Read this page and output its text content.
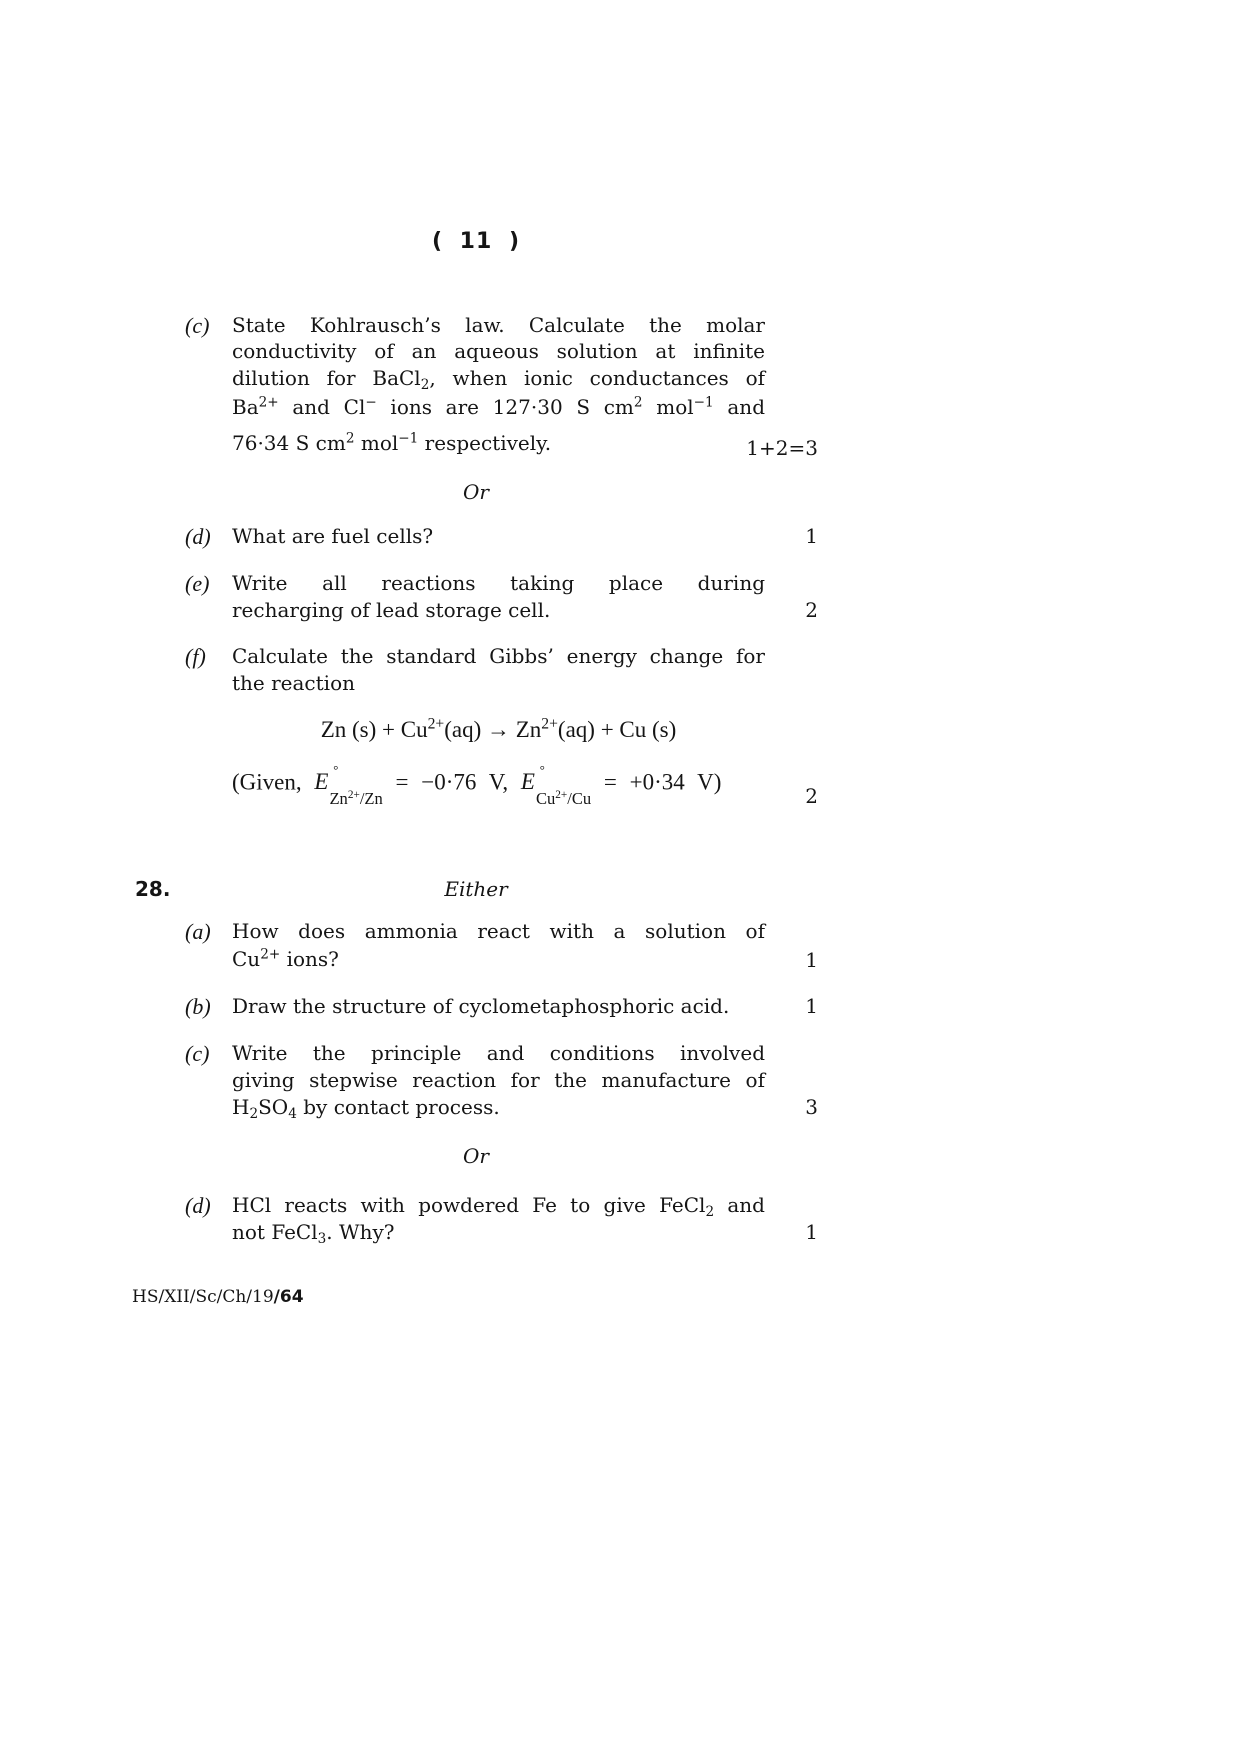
( 11 )
(c) State Kohlrausch’s law. Calculate the molar
conductivity of an aqueous solution at infinite
dilution for BaCl$_2$, when ionic conductances of
$Ba^{2+}$ and Cl− ions are 127·30 S $cm^2$ mol$^{-1}$ and
76·34 S $cm^2$ mol$^{-1}$ respectively.	1+2=3
Or
(d) What are fuel cells?	1
(e) Write all reactions taking place during
recharging of lead storage cell.	2
(f) Calculate the standard Gibbs’ energy change for
the reaction
Zn $(s) + Cu^{2+}(aq) \to Zn^{2+}(aq) + Cu$ (s)
(Given, E °
$Zn^{2+}/Zn$
= −0·76 V, E °
$Cu^{2+}/Cu$
= +0·34 V)
2
28.	Either
(a) How does ammonia react with a solution of
$Cu^{2+}$ ions?	1
(b) Draw the structure of cyclometaphosphoric acid.	1
(c) Write the principle and conditions involved
giving stepwise reaction for the manufacture of
$H_2SO_4$ by contact process.	3
Or
(d) HCl reacts with powdered Fe to give FeCl$_2$ and
not FeCl$_3$. Why?	1
HS/XII/Sc/Ch/19/64
